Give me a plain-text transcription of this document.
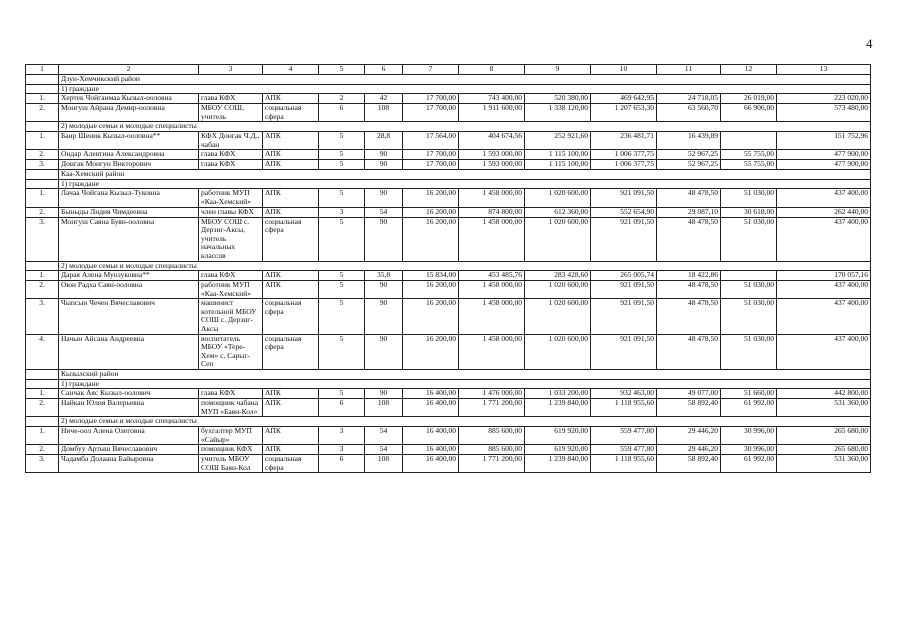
4
1	2	3	4	5	6	7	8	9	10	11	12	13
	Дзун-Хемчикский район											
	1) граждане											
1.	Хертек Чойганмаа Кызыл-ооловна	глава КФХ	АПК	2	42	17 700,00	743 400,00	520 380,00	469 642,95	24 718,05	26 019,00	223 020,00
2.	Монгуш Айрана Демир-ооловна	МБОУ СОШ, учитель	социальная сфера	6	108	17 700,00	1 911 600,00	1 338 120,00	1 207 653,30	63 560,70	66 906,00	573 480,00
	2) молодые семьи и молодые специалисты											
1.	Баир Шеник Кызыл-ооловна**	КФХ Донгак Ч.Д., чабан	АПК	5	28,8	17 564,00	404 674,56	252 921,60	236 481,71	16 439,89		151 752,96
2.	Ондар Алевтина Александровна	глава КФХ	АПК	5	90	17 700,00	1 593 000,00	1 115 100,00	1 006 377,75	52 967,25	55 755,00	477 900,00
3.	Донгак Монгун Викторович	глава КФХ	АПК	5	90	17 700,00	1 593 000,00	1 115 100,00	1 006 377,75	52 967,25	55 755,00	477 900,00
	Каа-Хемский район											
	1) граждане											
1.	Лачаа Чойгана Кызыл-Туковна	работник МУП «Каа-Хемский»	АПК	5	90	16 200,00	1 458 000,00	1 020 600,00	921 091,50	48 478,50	51 030,00	437 400,00
2.	Быныды Лидия Чимдеевна	член главы КФХ	АПК	3	54	16 200,00	874 800,00	612 360,00	552 654,90	29 087,10	30 618,00	262 440,00
3.	Монгуш Саяна Буян-ооловна	МБОУ СОШ с. Дерзиг-Аксы, учитель начальных классов	социальная сфера	5	90	16 200,00	1 458 000,00	1 020 600,00	921 091,50	48 478,50	51 030,00	437 400,00
	2) молодые семьи и молодые специалисты											
1.	Дарая Алена Мунзуковна**	глава КФХ	АПК	5	35,8	15 834,00	453 485,76	283 428,60	265 005,74	18 422,86		170 057,16
2.	Оюн Радха Саян-ооловна	работник МУП «Каа-Хемский»	АПК	5	90	16 200,00	1 458 000,00	1 020 600,00	921 091,50	48 478,50	51 030,00	437 400,00
3.	Чыпсын Чечен Вячеславович	машинист котельной МБОУ СОШ с. Дерзиг-Аксы	социальная сфера	5	90	16 200,00	1 458 000,00	1 020 600,00	921 091,50	48 478,50	51 030,00	437 400,00
4.	Начын Айсана Андреевна	воспитатель МБОУ «Тере-Хем» с. Сарыг-Сеп	социальная сфера	5	90	16 200,00	1 458 000,00	1 020 600,00	921 091,50	48 478,50	51 030,00	437 400,00
	Кызылский район											
	1) граждане											
1.	Санчак Аяс Кызыл-оолович	глава КФХ	АПК	5	90	16 400,00	1 476 000,00	1 033 200,00	932 463,00	49 077,00	51 660,00	442 800,00
2.	Найкан Юлия Валерьевна	помощник чабана МУП «Баян-Кол»	АПК	6	108	16 400,00	1 771 200,00	1 239 840,00	1 118 955,60	58 892,40	61 992,00	531 360,00
	2) молодые семьи и молодые специалисты											
1.	Ниче-оол Алена Олеговна	бухгалтер МУП «Сайыр»	АПК	3	54	16 400,00	885 600,00	619 920,00	559 477,80	29 446,20	30 996,00	265 680,00
2.	Домбуу Артыш Вячеславович	помощник КФХ	АПК	3	54	16 400,00	885 600,00	619 920,00	559 477,80	29 446,20	30 996,00	265 680,00
3.	Чадамба Долаана Байыровна	учитель МБОУ СОШ Баян-Кол	социальная сфера	6	108	16 400,00	1 771 200,00	1 239 840,00	1 118 955,60	58 892,40	61 992,00	531 360,00
